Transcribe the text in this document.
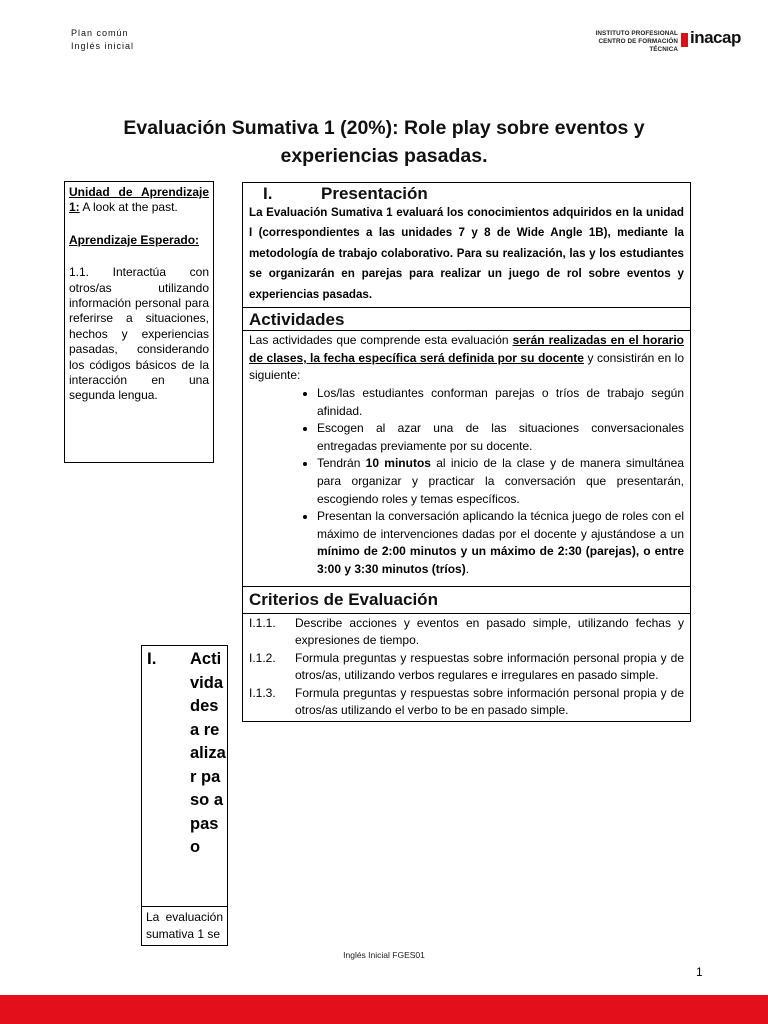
Plan común
Inglés inicial
INSTITUTO PROFESIONAL
CENTRO DE FORMACIÓN TÉCNICA
inacap
Evaluación Sumativa 1 (20%): Role play sobre eventos y experiencias pasadas.

Unidad de Aprendizaje 1: A look at the past.

Aprendizaje Esperado:

1.1. Interactúa con otros/as utilizando información personal para referirse a situaciones, hechos y experiencias pasadas, considerando los códigos básicos de la interacción en una segunda lengua.

I.	Presentación
La Evaluación Sumativa 1 evaluará los conocimientos adquiridos en la unidad I (correspondientes a las unidades 7 y 8 de Wide Angle 1B), mediante la metodología de trabajo colaborativo. Para su realización, las y los estudiantes se organizarán en parejas para realizar un juego de rol sobre eventos y experiencias pasadas.

Actividades

Las actividades que comprende esta evaluación serán realizadas en el horario de clases, la fecha específica será definida por su docente y consistirán en lo siguiente:
• Los/las estudiantes conforman parejas o tríos de trabajo según afinidad.
• Escogen al azar una de las situaciones conversacionales entregadas previamente por su docente.
• Tendrán 10 minutos al inicio de la clase y de manera simultánea para organizar y practicar la conversación que presentarán, escogiendo roles y temas específicos.
• Presentan la conversación aplicando la técnica juego de roles con el máximo de intervenciones dadas por el docente y ajustándose a un mínimo de 2:00 minutos y un máximo de 2:30 (parejas), o entre 3:00 y 3:30 minutos (tríos).

Criterios de Evaluación

I.1.1.	Describe acciones y eventos en pasado simple, utilizando fechas y expresiones de tiempo.
I.1.2.	Formula preguntas y respuestas sobre información personal propia y de otros/as, utilizando verbos regulares e irregulares en pasado simple.
I.1.3.	Formula preguntas y respuestas sobre información personal propia y de otros/as utilizando el verbo to be en pasado simple.
I. Actividades a realizar paso a paso

La evaluación sumativa 1 se
Inglés Inicial FGES01
1
